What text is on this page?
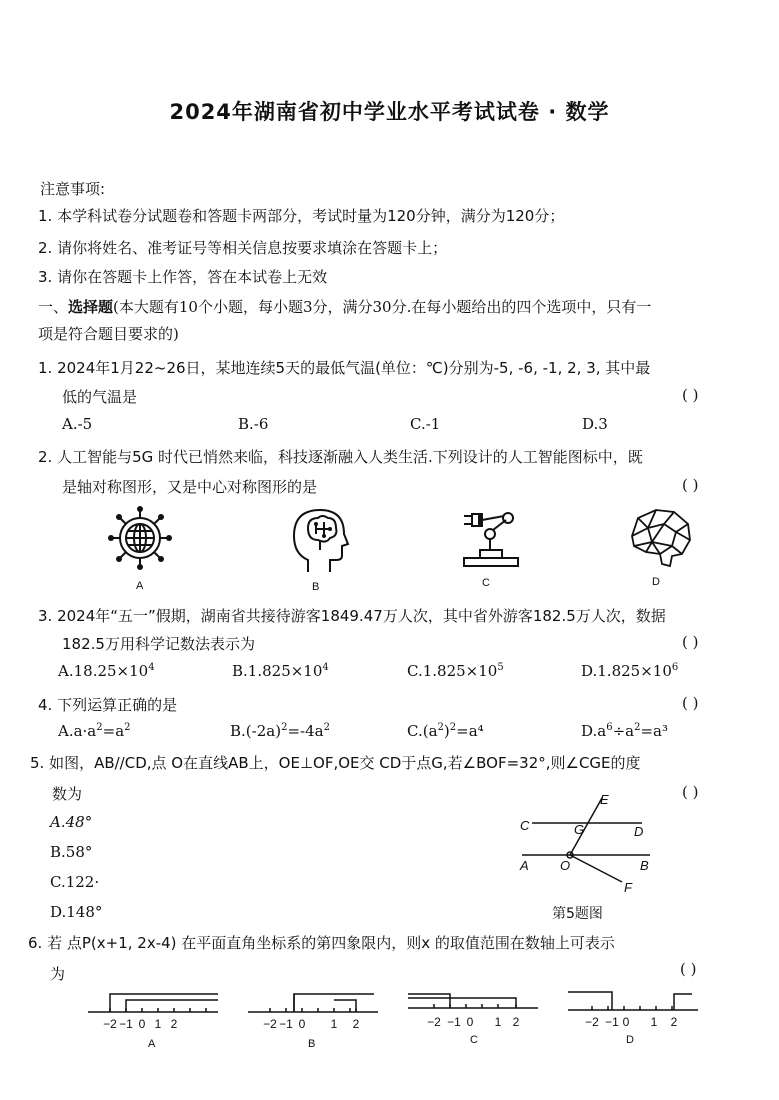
2024年湖南省初中学业水平考试试卷 · 数学
注意事项:
1. 本学科试卷分试题卷和答题卡两部分，考试时量为120分钟，满分为120分；
2. 请你将姓名、准考证号等相关信息按要求填涂在答题卡上；
3. 请你在答题卡上作答，答在本试卷上无效
一、选择题(本大题有10个小题，每小题3分，满分30分.在每小题给出的四个选项中，只有一
项是符合题目要求的)
1. 2024年1月22~26日，某地连续5天的最低气温(单位：℃)分别为-5, -6, -1, 2, 3, 其中最
低的气温是	( )
A.-5	B.-6	C.-1	D.3
2. 人工智能与5G 时代已悄然来临，科技逐渐融入人类生活.下列设计的人工智能图标中，既
是轴对称图形，又是中心对称图形的是	( )
A	B	C	D
3. 2024年“五一”假期，湖南省共接待游客1849.47万人次，其中省外游客182.5万人次，数据
182.5万用科学记数法表示为	( )
$A.18.25\times 10^4$	$B.1.825\times 10^4$	$C.1.825\times 10^5$	$D.1.825\times 10^6$
4. 下列运算正确的是	( )
$A.a\cdot a^2=a^2$	$B.(-2a)^2=-4a^2$	$C.(a^2)^2=a^4$	$D.a^6\div a^2=a^3$
5. 如图，AB//CD,点 O在直线AB上，OE⊥OF,OE交 CD于点G,若∠BOF=32°,则∠CGE的度
数为	( )
A.48°
B.58°
C.122·
D.148°
E
C	G	D
A O	B
F
第5题图
6. 若 点P(x+1, 2x-4) 在平面直角坐标系的第四象限内，则x 的取值范围在数轴上可表示
为	( )
−2 −1 0 1 2
A
−2 −1 0 1 2
B
−2 −1 0 1 2
C
−2 −1 0 1 2
D
